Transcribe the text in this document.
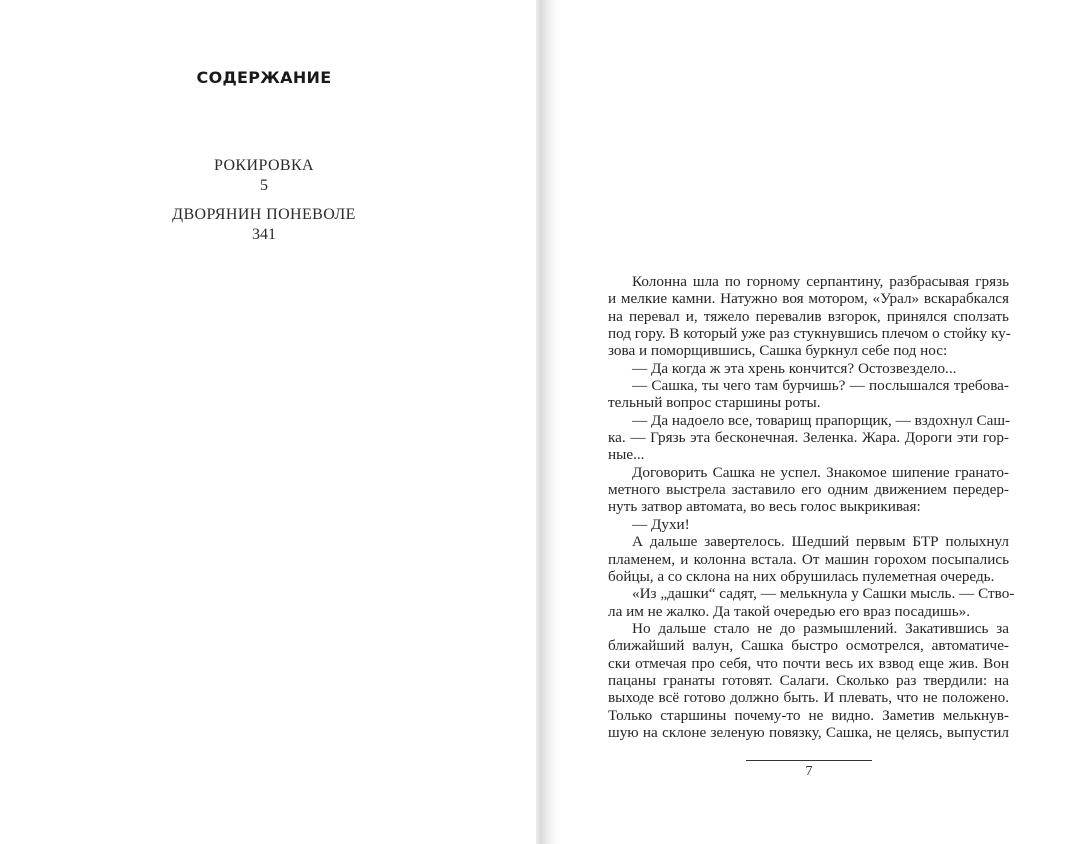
СОДЕРЖАНИЕ
РОКИРОВКА
5
ДВОРЯНИН ПОНЕВОЛЕ
341
Колонна шла по горному серпантину, разбрасывая грязь
и мелкие камни. Натужно воя мотором, «Урал» вскарабкался
на перевал и, тяжело перевалив взгорок, принялся сползать
под гору. В который уже раз стукнувшись плечом о стойку ку-
зова и поморщившись, Сашка буркнул себе под нос:
— Да когда ж эта хрень кончится? Остозвездело...
— Сашка, ты чего там бурчишь? — послышался требова-
тельный вопрос старшины роты.
— Да надоело все, товарищ прапорщик, — вздохнул Саш-
ка. — Грязь эта бесконечная. Зеленка. Жара. Дороги эти гор-
ные...
Договорить Сашка не успел. Знакомое шипение гранато-
метного выстрела заставило его одним движением передер-
нуть затвор автомата, во весь голос выкрикивая:
— Духи!
А дальше завертелось. Шедший первым БТР полыхнул
пламенем, и колонна встала. От машин горохом посыпались
бойцы, а со склона на них обрушилась пулеметная очередь.
«Из „дашки“ садят, — мелькнула у Сашки мысль. — Ство-
ла им не жалко. Да такой очередью его враз посадишь».
Но дальше стало не до размышлений. Закатившись за
ближайший валун, Сашка быстро осмотрелся, автоматиче-
ски отмечая про себя, что почти весь их взвод еще жив. Вон
пацаны гранаты готовят. Салаги. Сколько раз твердили: на
выходе всё готово должно быть. И плевать, что не положено.
Только старшины почему-то не видно. Заметив мелькнув-
шую на склоне зеленую повязку, Сашка, не целясь, выпустил
7
